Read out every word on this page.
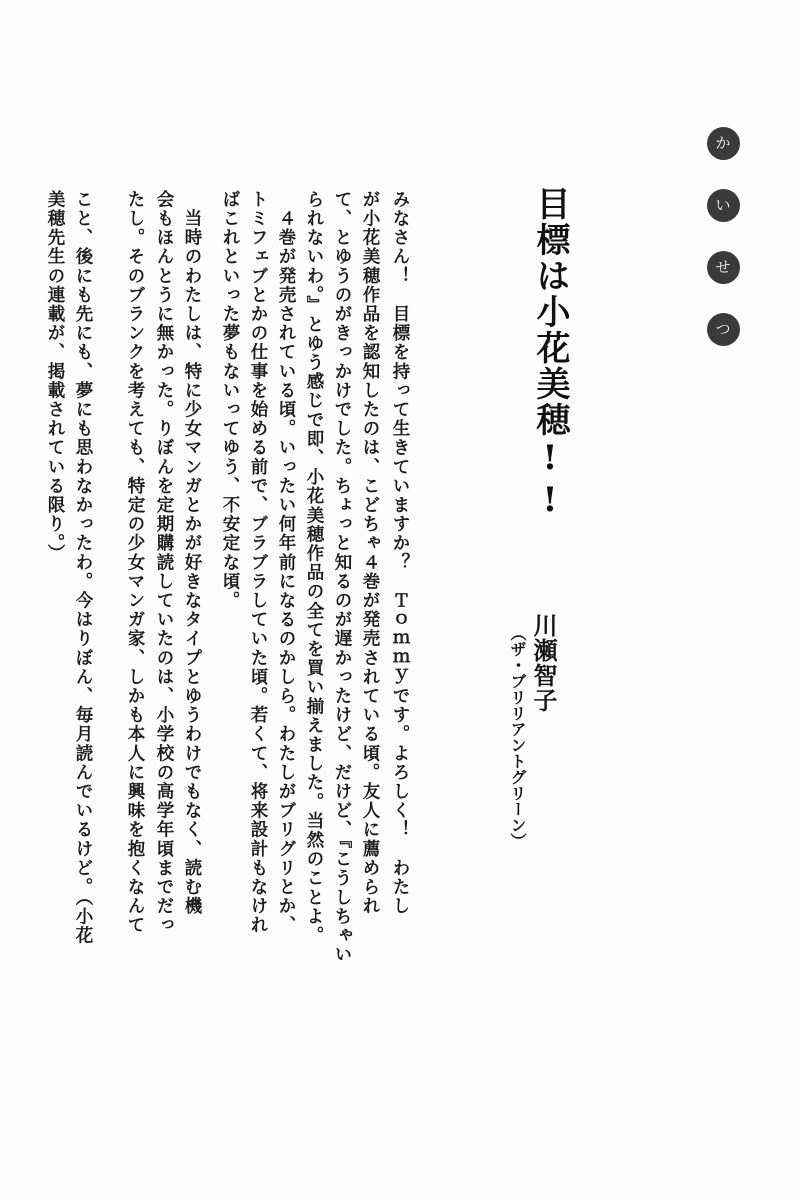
か
い
せ
つ
目標は小花美穂!!
川瀬智子
（ザ・ブリリアントグリーン）
みなさん！　目標を持って生きていますか？　Ｔｏｍｍｙです。よろしく！　わたし
が小花美穂作品を認知したのは、こどちゃ４巻が発売されている頃。友人に薦められ
て、とゆうのがきっかけでした。ちょっと知るのが遅かったけど、だけど、『こうしちゃい
られないわ。』とゆう感じで即、小花美穂作品の全てを買い揃えました。当然のことよ。
　４巻が発売されている頃。いったい何年前になるのかしら。わたしがブリグリとか、
トミフェブとかの仕事を始める前で、ブラブラしていた頃。若くて、将来設計もなけれ
ばこれといった夢もないってゆう、不安定な頃。
　当時のわたしは、特に少女マンガとかが好きなタイプとゆうわけでもなく、読む機
会もほんとうに無かった。りぼんを定期購読していたのは、小学校の高学年頃までだっ
たし。そのブランクを考えても、特定の少女マンガ家、しかも本人に興味を抱くなんて
こと、後にも先にも、夢にも思わなかったわ。今はりぼん、毎月読んでいるけど。（小花
美穂先生の連載が、掲載されている限り。）
